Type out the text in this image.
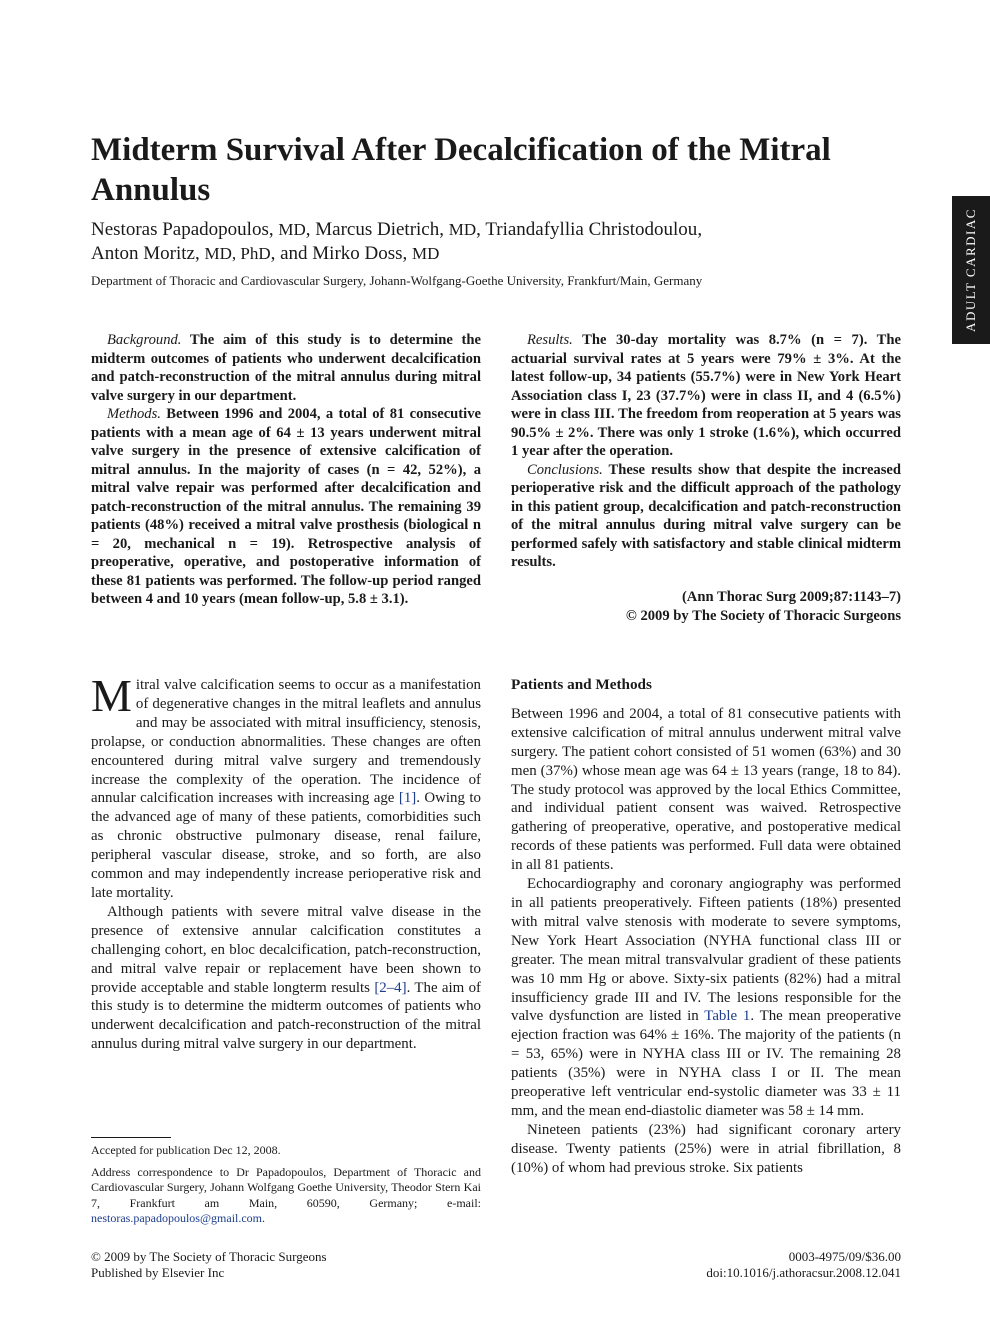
ADULT CARDIAC
Midterm Survival After Decalcification of the Mitral Annulus
Nestoras Papadopoulos, MD, Marcus Dietrich, MD, Triandafyllia Christodoulou,
Anton Moritz, MD, PhD, and Mirko Doss, MD
Department of Thoracic and Cardiovascular Surgery, Johann-Wolfgang-Goethe University, Frankfurt/Main, Germany

Background. The aim of this study is to determine the midterm outcomes of patients who underwent decalcification and patch-reconstruction of the mitral annulus during mitral valve surgery in our department.

Methods. Between 1996 and 2004, a total of 81 consecutive patients with a mean age of 64 ± 13 years underwent mitral valve surgery in the presence of extensive calcification of mitral annulus. In the majority of cases (n = 42, 52%), a mitral valve repair was performed after decalcification and patch-reconstruction of the mitral annulus. The remaining 39 patients (48%) received a mitral valve prosthesis (biological n = 20, mechanical n = 19). Retrospective analysis of preoperative, operative, and postoperative information of these 81 patients was performed. The follow-up period ranged between 4 and 10 years (mean follow-up, 5.8 ± 3.1).

Results. The 30-day mortality was 8.7% (n = 7). The actuarial survival rates at 5 years were 79% ± 3%. At the latest follow-up, 34 patients (55.7%) were in New York Heart Association class I, 23 (37.7%) were in class II, and 4 (6.5%) were in class III. The freedom from reoperation at 5 years was 90.5% ± 2%. There was only 1 stroke (1.6%), which occurred 1 year after the operation.

Conclusions. These results show that despite the increased perioperative risk and the difficult approach of the pathology in this patient group, decalcification and patch-reconstruction of the mitral annulus during mitral valve surgery can be performed safely with satisfactory and stable clinical midterm results.

(Ann Thorac Surg 2009;87:1143–7)
© 2009 by The Society of Thoracic Surgeons

Mitral valve calcification seems to occur as a manifestation of degenerative changes in the mitral leaflets and annulus and may be associated with mitral insufficiency, stenosis, prolapse, or conduction abnormalities. These changes are often encountered during mitral valve surgery and tremendously increase the complexity of the operation. The incidence of annular calcification increases with increasing age [1]. Owing to the advanced age of many of these patients, comorbidities such as chronic obstructive pulmonary disease, renal failure, peripheral vascular disease, stroke, and so forth, are also common and may independently increase perioperative risk and late mortality.

Although patients with severe mitral valve disease in the presence of extensive annular calcification constitutes a challenging cohort, en bloc decalcification, patch-reconstruction, and mitral valve repair or replacement have been shown to provide acceptable and stable longterm results [2–4]. The aim of this study is to determine the midterm outcomes of patients who underwent decalcification and patch-reconstruction of the mitral annulus during mitral valve surgery in our department.

Patients and Methods

Between 1996 and 2004, a total of 81 consecutive patients with extensive calcification of mitral annulus underwent mitral valve surgery. The patient cohort consisted of 51 women (63%) and 30 men (37%) whose mean age was 64 ± 13 years (range, 18 to 84). The study protocol was approved by the local Ethics Committee, and individual patient consent was waived. Retrospective gathering of preoperative, operative, and postoperative medical records of these patients was performed. Full data were obtained in all 81 patients.

Echocardiography and coronary angiography was performed in all patients preoperatively. Fifteen patients (18%) presented with mitral valve stenosis with moderate to severe symptoms, New York Heart Association (NYHA functional class III or greater. The mean mitral transvalvular gradient of these patients was 10 mm Hg or above. Sixty-six patients (82%) had a mitral insufficiency grade III and IV. The lesions responsible for the valve dysfunction are listed in Table 1. The mean preoperative ejection fraction was 64% ± 16%. The majority of the patients (n = 53, 65%) were in NYHA class III or IV. The remaining 28 patients (35%) were in NYHA class I or II. The mean preoperative left ventricular end-systolic diameter was 33 ± 11 mm, and the mean end-diastolic diameter was 58 ± 14 mm.

Nineteen patients (23%) had significant coronary artery disease. Twenty patients (25%) were in atrial fibrillation, 8 (10%) of whom had previous stroke. Six patients

Accepted for publication Dec 12, 2008.
Address correspondence to Dr Papadopoulos, Department of Thoracic and Cardiovascular Surgery, Johann Wolfgang Goethe University, Theodor Stern Kai 7, Frankfurt am Main, 60590, Germany; e-mail: nestoras.papadopoulos@gmail.com.
© 2009 by The Society of Thoracic Surgeons
Published by Elsevier Inc
0003-4975/09/$36.00
doi:10.1016/j.athoracsur.2008.12.041
